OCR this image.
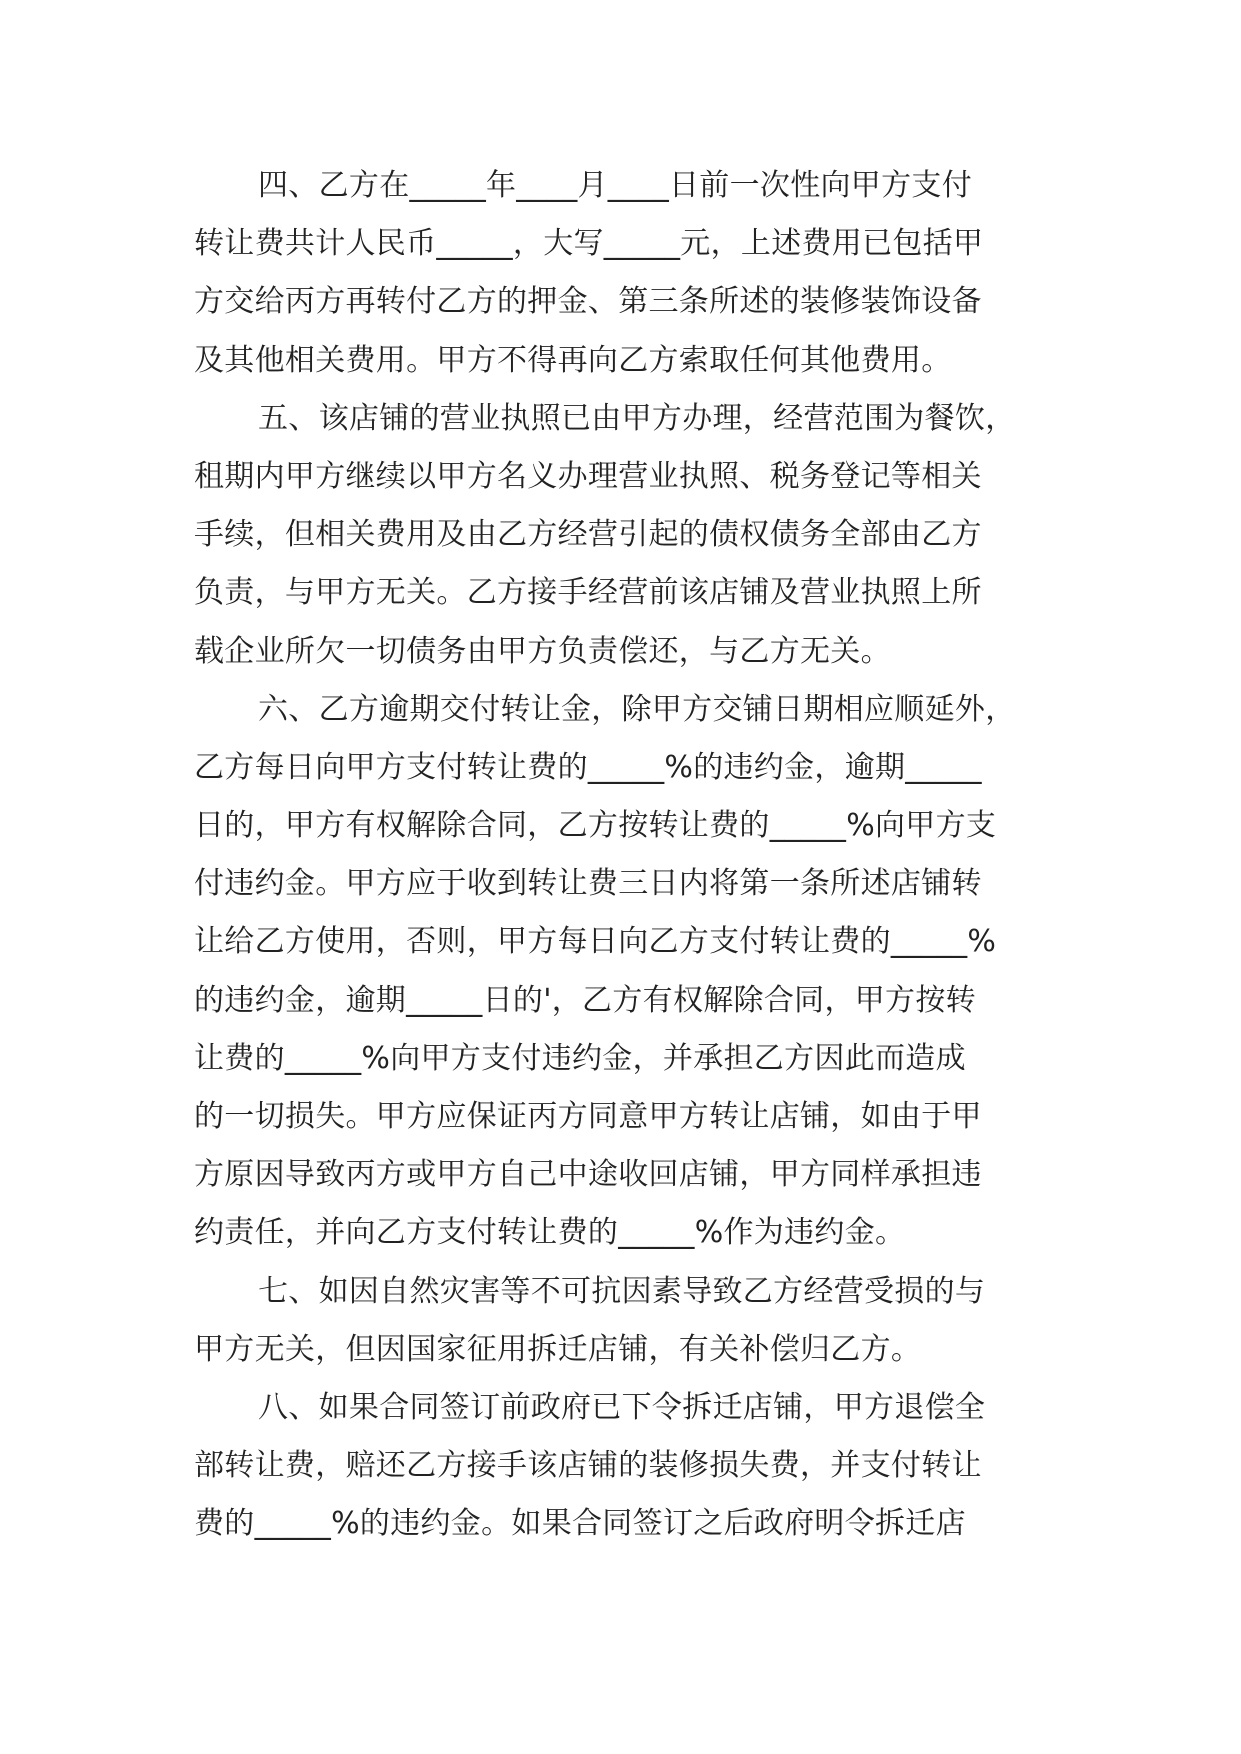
四、乙方在_____年____月____日前一次性向甲方支付
转让费共计人民币_____，大写_____元，上述费用已包括甲
方交给丙方再转付乙方的押金、第三条所述的装修装饰设备
及其他相关费用。甲方不得再向乙方索取任何其他费用。
五、该店铺的营业执照已由甲方办理，经营范围为餐饮，
租期内甲方继续以甲方名义办理营业执照、税务登记等相关
手续，但相关费用及由乙方经营引起的债权债务全部由乙方
负责，与甲方无关。乙方接手经营前该店铺及营业执照上所
载企业所欠一切债务由甲方负责偿还，与乙方无关。
六、乙方逾期交付转让金，除甲方交铺日期相应顺延外，
乙方每日向甲方支付转让费的_____%的违约金，逾期_____
日的，甲方有权解除合同，乙方按转让费的_____%向甲方支
付违约金。甲方应于收到转让费三日内将第一条所述店铺转
让给乙方使用，否则，甲方每日向乙方支付转让费的_____%
的违约金，逾期_____日的'，乙方有权解除合同，甲方按转
让费的_____%向甲方支付违约金，并承担乙方因此而造成
的一切损失。甲方应保证丙方同意甲方转让店铺，如由于甲
方原因导致丙方或甲方自己中途收回店铺，甲方同样承担违
约责任，并向乙方支付转让费的_____%作为违约金。
七、如因自然灾害等不可抗因素导致乙方经营受损的与
甲方无关，但因国家征用拆迁店铺，有关补偿归乙方。
八、如果合同签订前政府已下令拆迁店铺，甲方退偿全
部转让费，赔还乙方接手该店铺的装修损失费，并支付转让
费的_____%的违约金。如果合同签订之后政府明令拆迁店
